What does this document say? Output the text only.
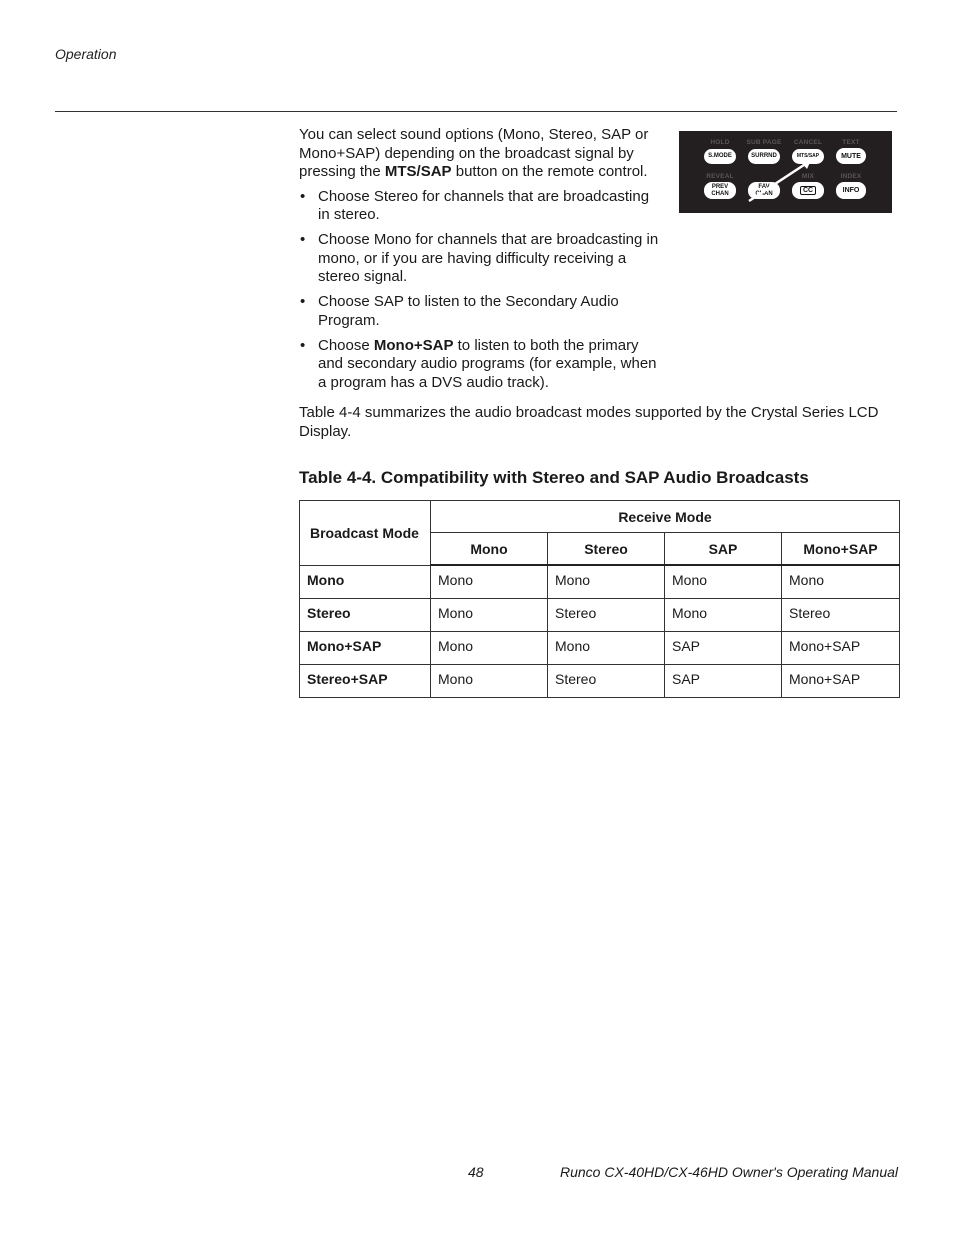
Operation
HOLD	SUB PAGE	CANCEL	TEXT
S.MODE	SURRND	MTS/SAP	MUTE
REVEAL	MIX	INDEX
PREV
CHAN
FAV
CHAN	CC	INFO

You can select sound options (Mono, Stereo, SAP or Mono+SAP) depending on the broadcast signal by pressing the MTS/SAP button on the remote control.

• Choose Stereo for channels that are broadcasting in stereo.
• Choose Mono for channels that are broadcasting in mono, or if you are having difficulty receiving a stereo signal.
• Choose SAP to listen to the Secondary Audio Program.
• Choose Mono+SAP to listen to both the primary and secondary audio programs (for example, when a program has a DVS audio track).

Table 4-4 summarizes the audio broadcast modes supported by the Crystal Series LCD Display.

Table 4-4. Compatibility with Stereo and SAP Audio Broadcasts
Broadcast Mode	Receive Mode			
	Mono	Stereo	SAP	Mono+SAP
Mono	Mono	Mono	Mono	Mono
Stereo	Mono	Stereo	Mono	Stereo
Mono+SAP	Mono	Mono	SAP	Mono+SAP
Stereo+SAP	Mono	Stereo	SAP	Mono+SAP
48	Runco CX-40HD/CX-46HD Owner's Operating Manual
